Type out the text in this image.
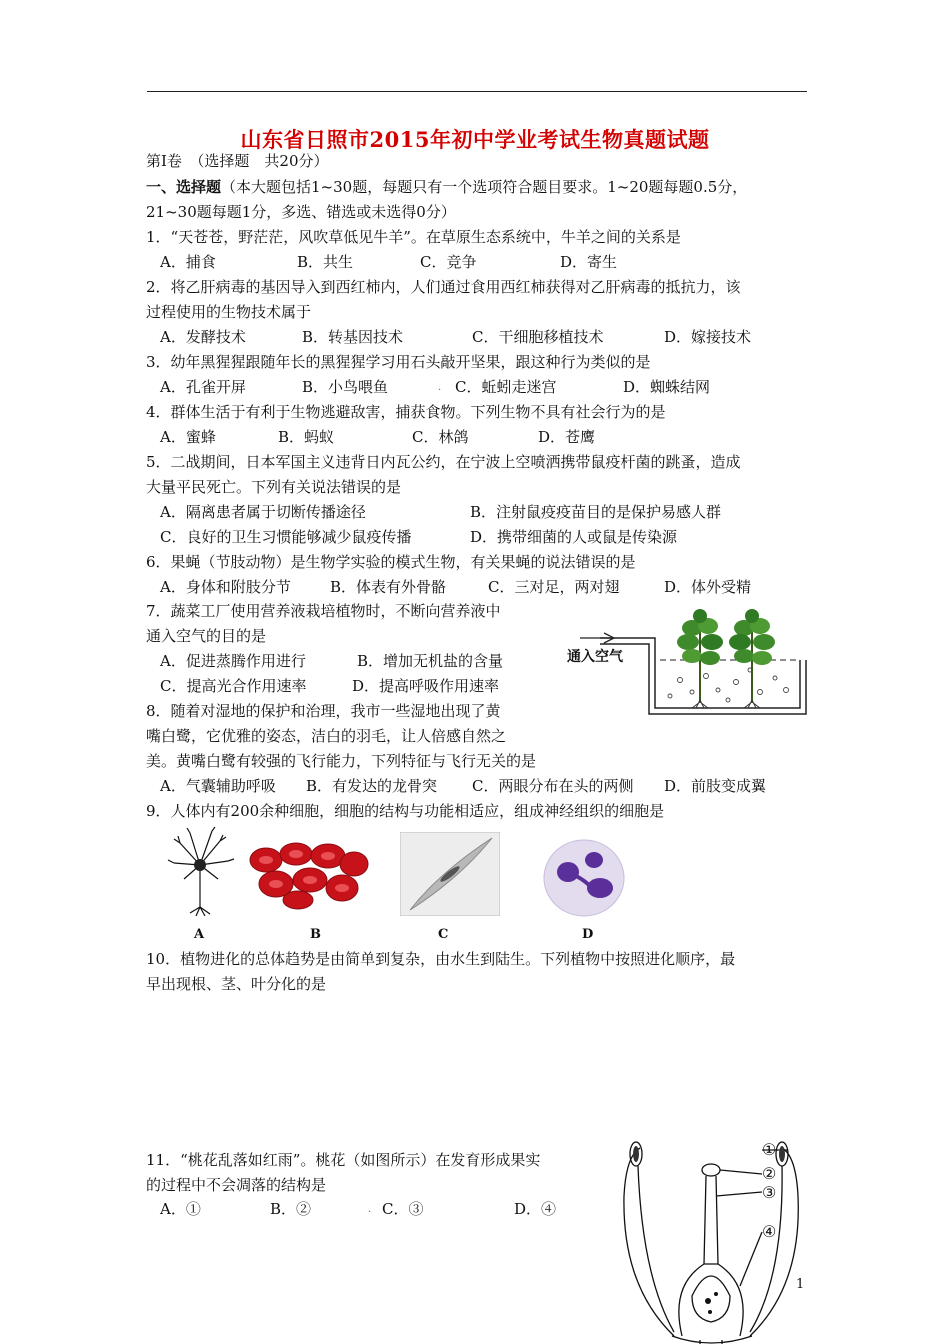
山东省日照市2015年初中学业考试生物真题试题
第Ⅰ卷　（选择题　共20分）
一、选择题（本大题包括1~30题，每题只有一个选项符合题目要求。1~20题每题0.5分，
21~30题每题1分，多选、错选或未选得0分）
1．“天苍苍，野茫茫，风吹草低见牛羊”。在草原生态系统中，牛羊之间的关系是
A．捕食	B．共生	C．竞争	D．寄生
2．将乙肝病毒的基因导入到西红柿内，人们通过食用西红柿获得对乙肝病毒的抵抗力，该
过程使用的生物技术属于
A．发酵技术	B．转基因技术	C．干细胞移植技术	D．嫁接技术
3．幼年黑猩猩跟随年长的黑猩猩学习用石头敲开坚果，跟这种行为类似的是
A．孔雀开屏	B．小鸟喂鱼	. C．蚯蚓走迷宫	D．蜘蛛结网
4．群体生活于有利于生物逃避敌害，捕获食物。下列生物不具有社会行为的是
A．蜜蜂	B．蚂蚁	C．林鸽	D．苍鹰
5．二战期间，日本军国主义违背日内瓦公约，在宁波上空喷洒携带鼠疫杆菌的跳蚤，造成
大量平民死亡。下列有关说法错误的是
A．隔离患者属于切断传播途径	B．注射鼠疫疫苗目的是保护易感人群
C．良好的卫生习惯能够减少鼠疫传播	D．携带细菌的人或鼠是传染源
6．果蝇（节肢动物）是生物学实验的模式生物，有关果蝇的说法错误的是
A．身体和附肢分节	B．体表有外骨骼	C．三对足，两对翅	D．体外受精
7．蔬菜工厂使用营养液栽培植物时，不断向营养液中
通入空气的目的是
A．促进蒸腾作用进行	B．增加无机盐的含量
C．提高光合作用速率	D．提高呼吸作用速率
通入空气
8．随着对湿地的保护和治理，我市一些湿地出现了黄
嘴白鹭，它优雅的姿态，洁白的羽毛，让人倍感自然之
美。黄嘴白鹭有较强的飞行能力，下列特征与飞行无关的是
A．气囊辅助呼吸 B．有发达的龙骨突 C．两眼分布在头的两侧 D．前肢变成翼
9．人体内有200余种细胞，细胞的结构与功能相适应，组成神经组织的细胞是
A	B	C	D
10．植物进化的总体趋势是由简单到复杂，由水生到陆生。下列植物中按照进化顺序，最
早出现根、茎、叶分化的是
11．“桃花乱落如红雨”。桃花（如图所示）在发育形成果实
的过程中不会凋落的结构是
A．①	B．②	. C．③	D．④
①
②
③
④
1
